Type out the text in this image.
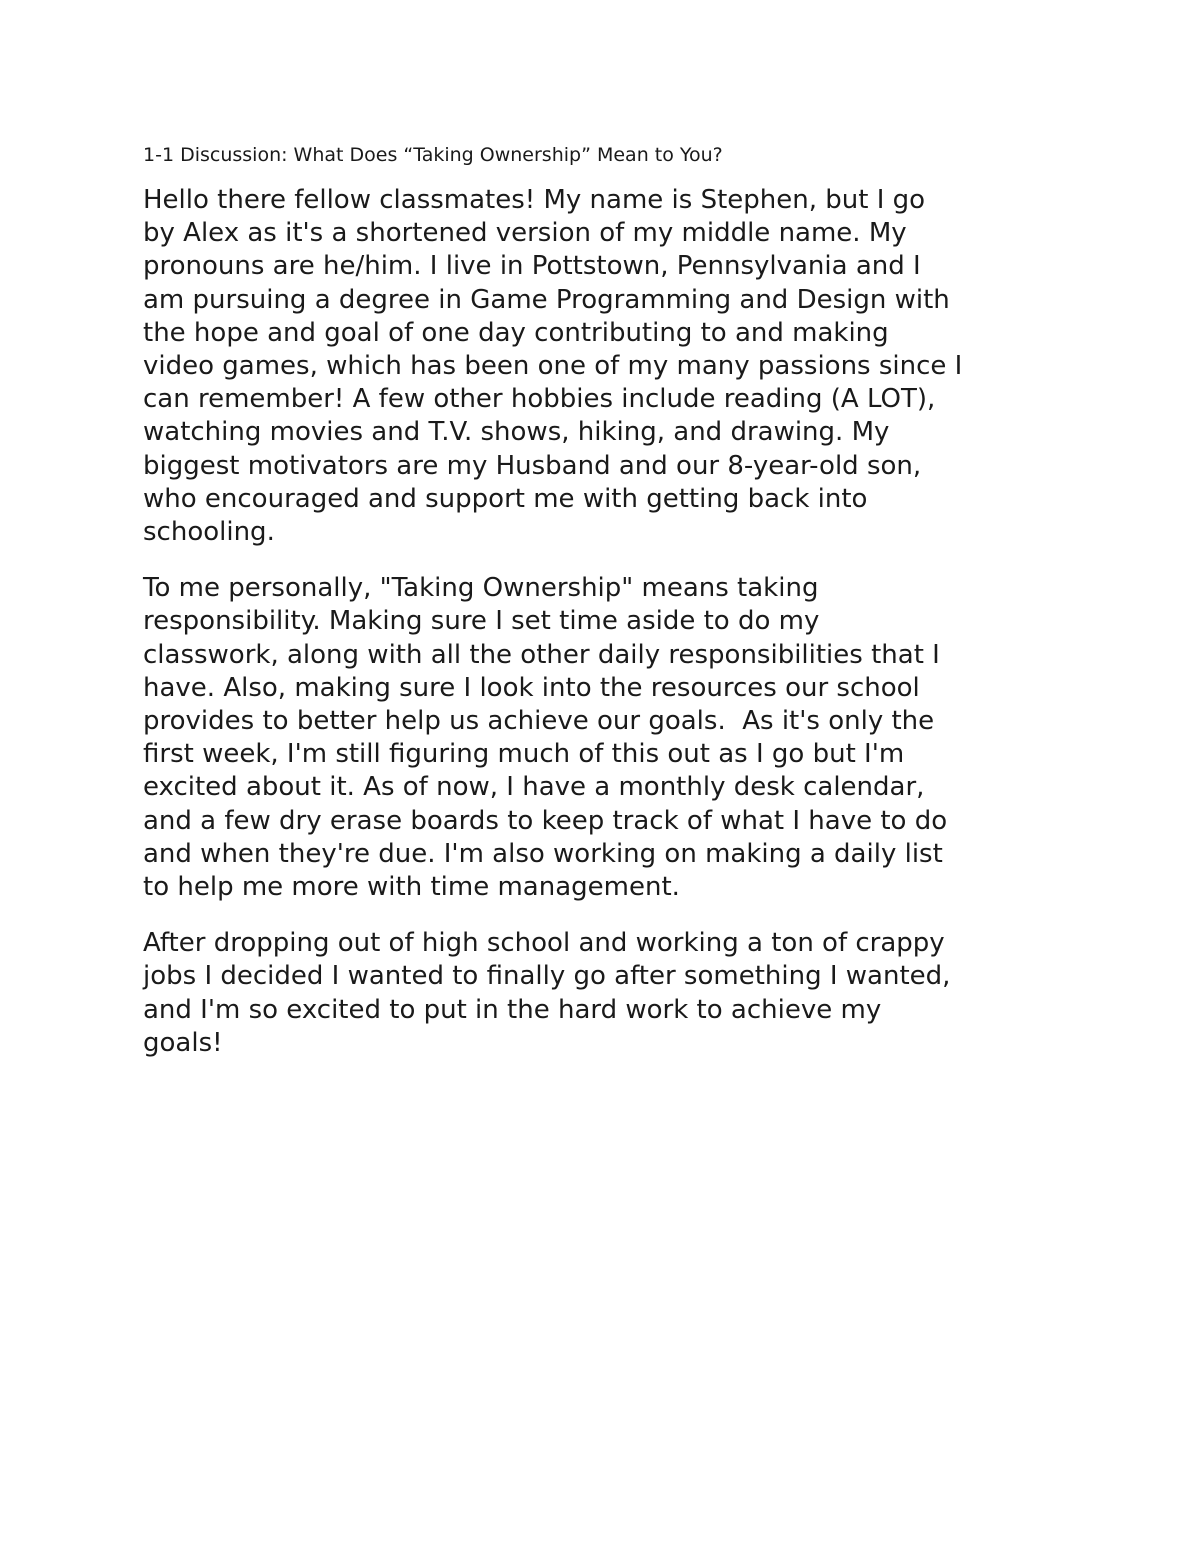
1-1 Discussion: What Does “Taking Ownership” Mean to You?

Hello there fellow classmates! My name is Stephen, but I go
by Alex as it's a shortened version of my middle name. My
pronouns are he/him. I live in Pottstown, Pennsylvania and I
am pursuing a degree in Game Programming and Design with
the hope and goal of one day contributing to and making
video games, which has been one of my many passions since I
can remember! A few other hobbies include reading (A LOT),
watching movies and T.V. shows, hiking, and drawing. My
biggest motivators are my Husband and our 8-year-old son,
who encouraged and support me with getting back into
schooling.

To me personally, "Taking Ownership" means taking
responsibility. Making sure I set time aside to do my
classwork, along with all the other daily responsibilities that I
have. Also, making sure I look into the resources our school
provides to better help us achieve our goals.  As it's only the
first week, I'm still figuring much of this out as I go but I'm
excited about it. As of now, I have a monthly desk calendar,
and a few dry erase boards to keep track of what I have to do
and when they're due. I'm also working on making a daily list
to help me more with time management.

After dropping out of high school and working a ton of crappy
jobs I decided I wanted to finally go after something I wanted,
and I'm so excited to put in the hard work to achieve my
goals!
